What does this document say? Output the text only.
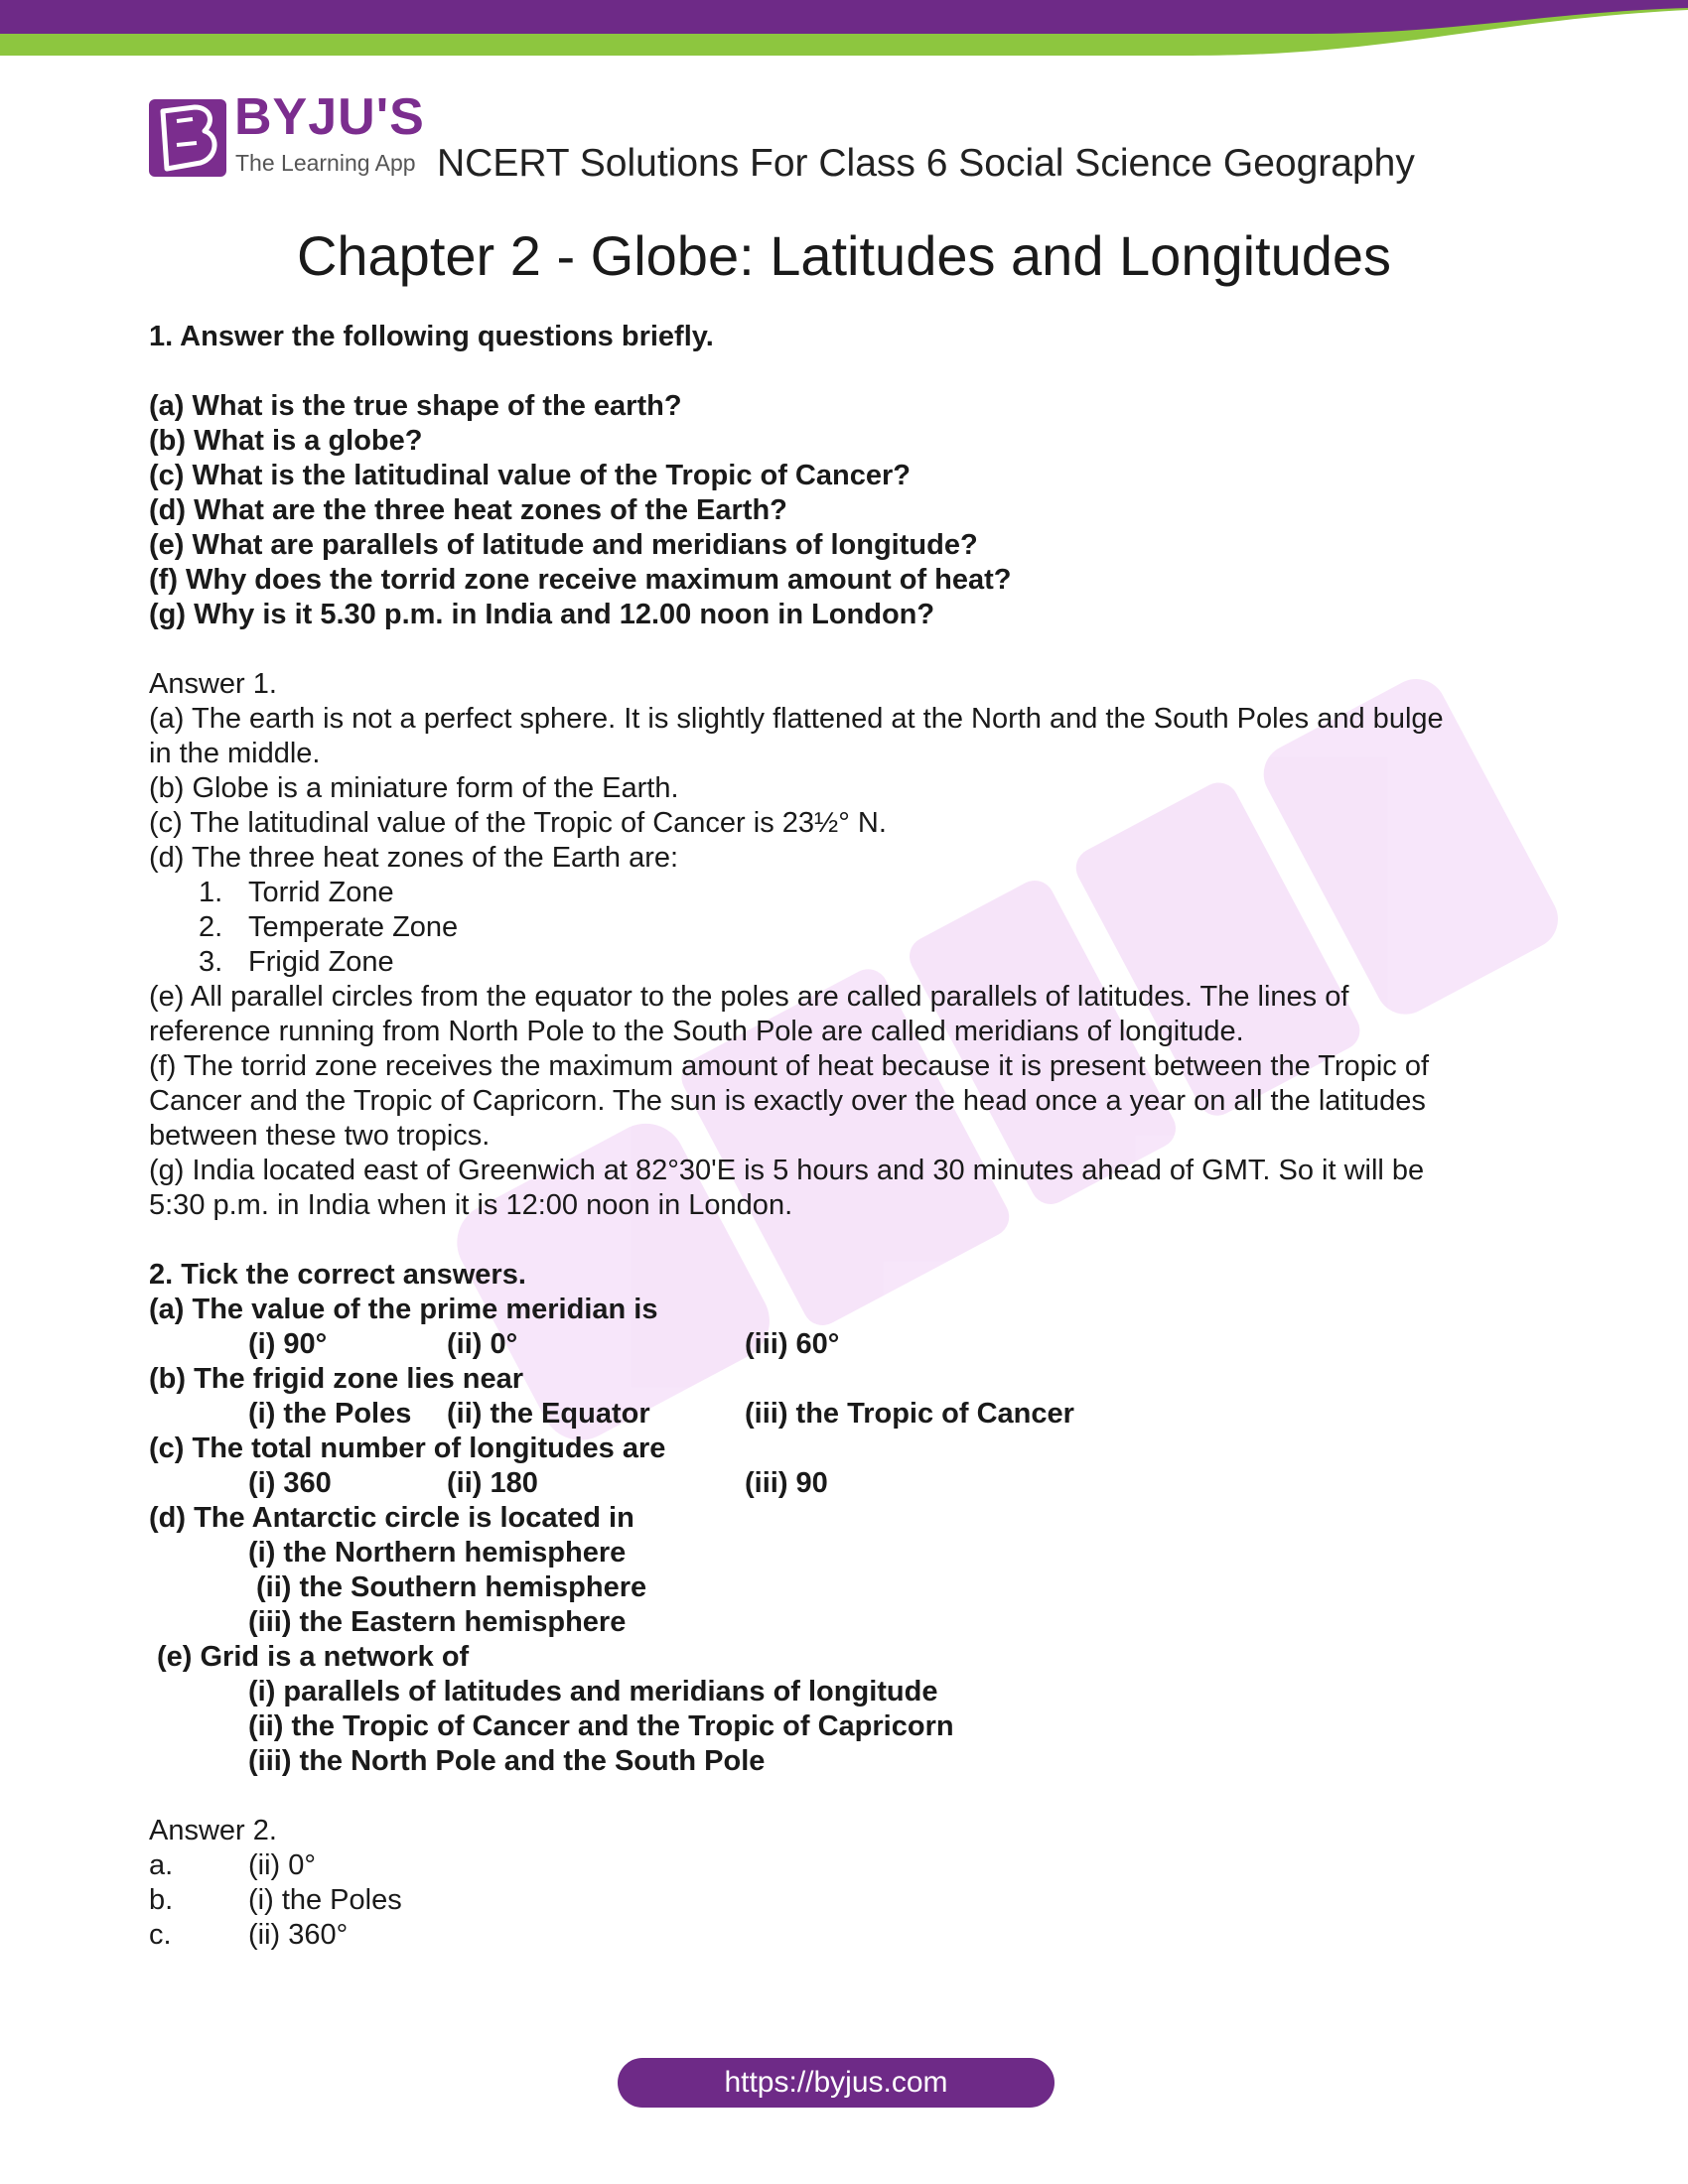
BYJU'S
The Learning App NCERT Solutions For Class 6 Social Science Geography
Chapter 2 - Globe: Latitudes and Longitudes
1. Answer the following questions briefly.
(a) What is the true shape of the earth?
(b) What is a globe?
(c) What is the latitudinal value of the Tropic of Cancer?
(d) What are the three heat zones of the Earth?
(e) What are parallels of latitude and meridians of longitude?
(f) Why does the torrid zone receive maximum amount of heat?
(g) Why is it 5.30 p.m. in India and 12.00 noon in London?
Answer 1.
(a) The earth is not a perfect sphere. It is slightly flattened at the North and the South Poles and bulge
in the middle.
(b) Globe is a miniature form of the Earth.
(c) The latitudinal value of the Tropic of Cancer is 23½° N.
(d) The three heat zones of the Earth are:
1. Torrid Zone
2. Temperate Zone
3. Frigid Zone
(e) All parallel circles from the equator to the poles are called parallels of latitudes. The lines of
reference running from North Pole to the South Pole are called meridians of longitude.
(f) The torrid zone receives the maximum amount of heat because it is present between the Tropic of
Cancer and the Tropic of Capricorn. The sun is exactly over the head once a year on all the latitudes
between these two tropics.
(g) India located east of Greenwich at 82°30'E is 5 hours and 30 minutes ahead of GMT. So it will be
5:30 p.m. in India when it is 12:00 noon in London.
2. Tick the correct answers.
(a) The value of the prime meridian is
(i) 90°	(ii) 0°	(iii) 60°
(b) The frigid zone lies near
(i) the Poles (ii) the Equator	(iii) the Tropic of Cancer
(c) The total number of longitudes are
(i) 360	(ii) 180	(iii) 90
(d) The Antarctic circle is located in
(i) the Northern hemisphere
(ii) the Southern hemisphere
(iii) the Eastern hemisphere
(e) Grid is a network of
(i) parallels of latitudes and meridians of longitude
(ii) the Tropic of Cancer and the Tropic of Capricorn
(iii) the North Pole and the South Pole
Answer 2.
a.	(ii) 0°
b.	(i) the Poles
c.	(ii) 360°
https://byjus.com
